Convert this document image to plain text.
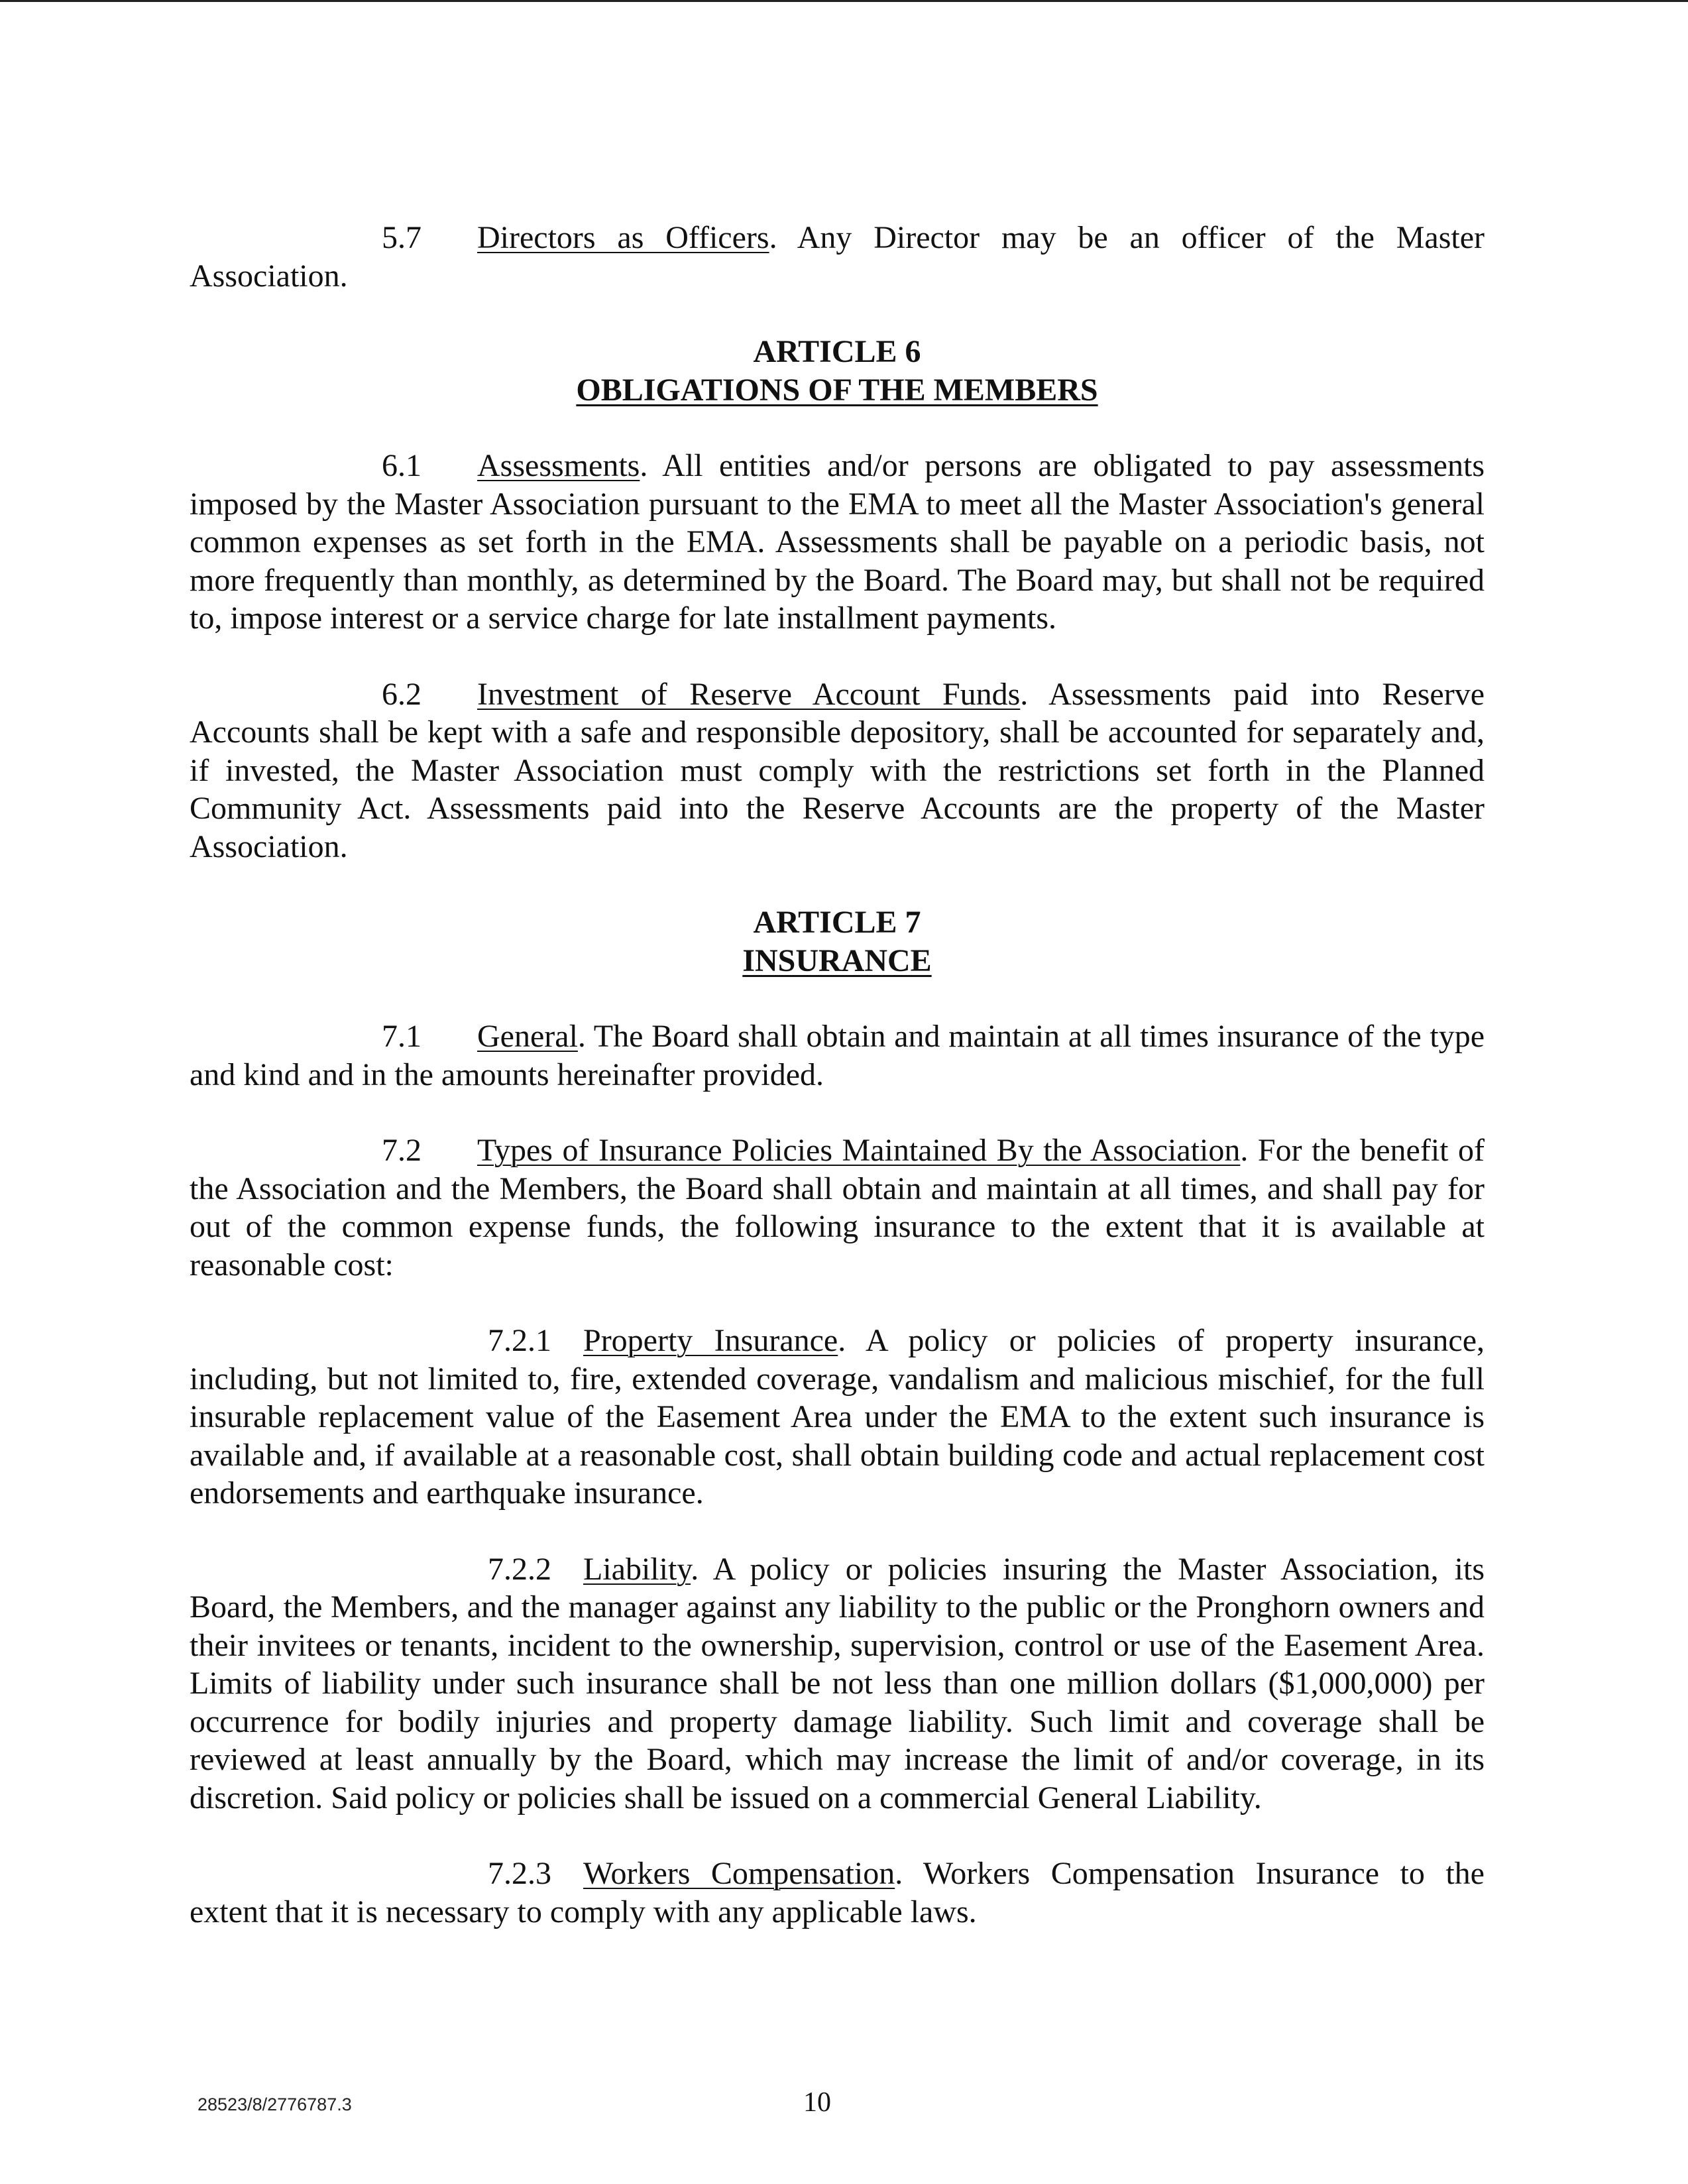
5.7 Directors as Officers. Any Director may be an officer of the Master Association.

ARTICLE 6
OBLIGATIONS OF THE MEMBERS

6.1 Assessments. All entities and/or persons are obligated to pay assessments imposed by the Master Association pursuant to the EMA to meet all the Master Association's general common expenses as set forth in the EMA. Assessments shall be payable on a periodic basis, not more frequently than monthly, as determined by the Board. The Board may, but shall not be required to, impose interest or a service charge for late installment payments.

6.2 Investment of Reserve Account Funds. Assessments paid into Reserve Accounts shall be kept with a safe and responsible depository, shall be accounted for separately and, if invested, the Master Association must comply with the restrictions set forth in the Planned Community Act. Assessments paid into the Reserve Accounts are the property of the Master Association.

ARTICLE 7
INSURANCE

7.1 General. The Board shall obtain and maintain at all times insurance of the type and kind and in the amounts hereinafter provided.

7.2 Types of Insurance Policies Maintained By the Association. For the benefit of the Association and the Members, the Board shall obtain and maintain at all times, and shall pay for out of the common expense funds, the following insurance to the extent that it is available at reasonable cost:

7.2.1 Property Insurance. A policy or policies of property insurance, including, but not limited to, fire, extended coverage, vandalism and malicious mischief, for the full insurable replacement value of the Easement Area under the EMA to the extent such insurance is available and, if available at a reasonable cost, shall obtain building code and actual replacement cost endorsements and earthquake insurance.

7.2.2 Liability. A policy or policies insuring the Master Association, its Board, the Members, and the manager against any liability to the public or the Pronghorn owners and their invitees or tenants, incident to the ownership, supervision, control or use of the Easement Area. Limits of liability under such insurance shall be not less than one million dollars ($1,000,000) per occurrence for bodily injuries and property damage liability. Such limit and coverage shall be reviewed at least annually by the Board, which may increase the limit of and/or coverage, in its discretion. Said policy or policies shall be issued on a commercial General Liability.

7.2.3 Workers Compensation. Workers Compensation Insurance to the extent that it is necessary to comply with any applicable laws.

28523/8/2776787.3	10
